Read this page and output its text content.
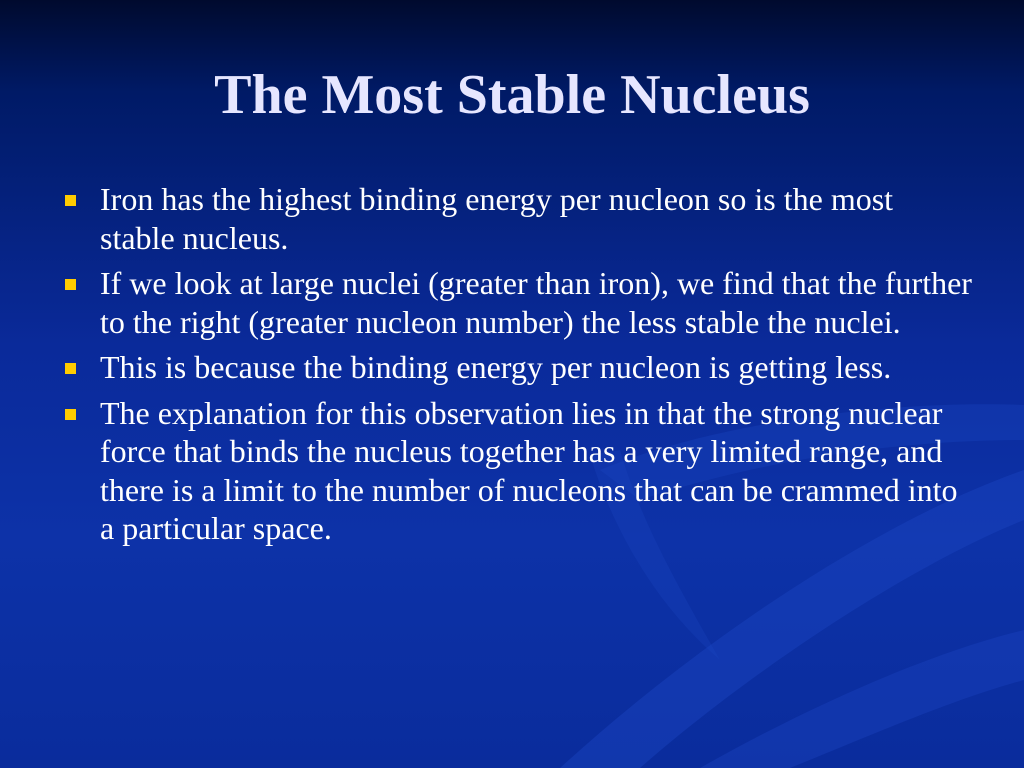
The Most Stable Nucleus
Iron has the highest binding energy per nucleon so is the most stable nucleus.
If we look at large nuclei (greater than iron), we find that the further to the right (greater nucleon number) the less stable the nuclei.
This is because the binding energy per nucleon is getting less.
The explanation for this observation lies in that the strong nuclear force that binds the nucleus together has a very limited range, and there is a limit to the number of nucleons that can be crammed into a particular space.
